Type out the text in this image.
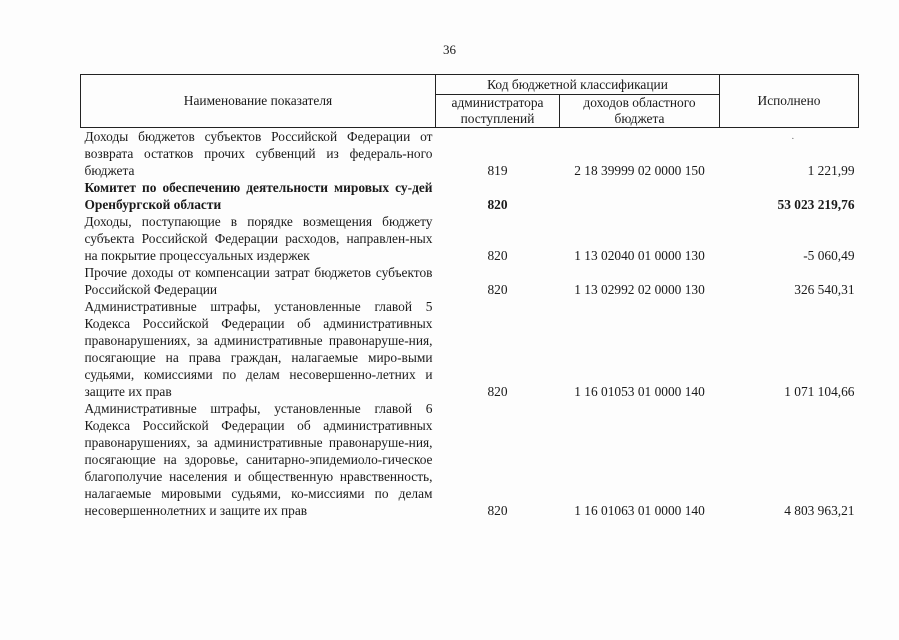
36
Наименование показателя	Код бюджетной классификации		Исполнено
	администратора поступлений	доходов областного бюджета	
Доходы бюджетов субъектов Российской Федерации от возврата остатков прочих субвенций из федераль-ного бюджета	819	2 18 39999 02 0000 150	1 221,99
Комитет по обеспечению деятельности мировых су-дей Оренбургской области	820		53 023 219,76
Доходы, поступающие в порядке возмещения бюджету субъекта Российской Федерации расходов, направлен-ных на покрытие процессуальных издержек	820	1 13 02040 01 0000 130	-5 060,49
Прочие доходы от компенсации затрат бюджетов субъектов Российской Федерации	820	1 13 02992 02 0000 130	326 540,31
Административные штрафы, установленные главой 5 Кодекса Российской Федерации об административных правонарушениях, за административные правонаруше-ния, посягающие на права граждан, налагаемые миро-выми судьями, комиссиями по делам несовершенно-летних и защите их прав	820	1 16 01053 01 0000 140	1 071 104,66
Административные штрафы, установленные главой 6 Кодекса Российской Федерации об административных правонарушениях, за административные правонаруше-ния, посягающие на здоровье, санитарно-эпидемиоло-гическое благополучие населения и общественную нравственность, налагаемые мировыми судьями, ко-миссиями по делам несовершеннолетних и защите их прав	820	1 16 01063 01 0000 140	4 803 963,21
·
